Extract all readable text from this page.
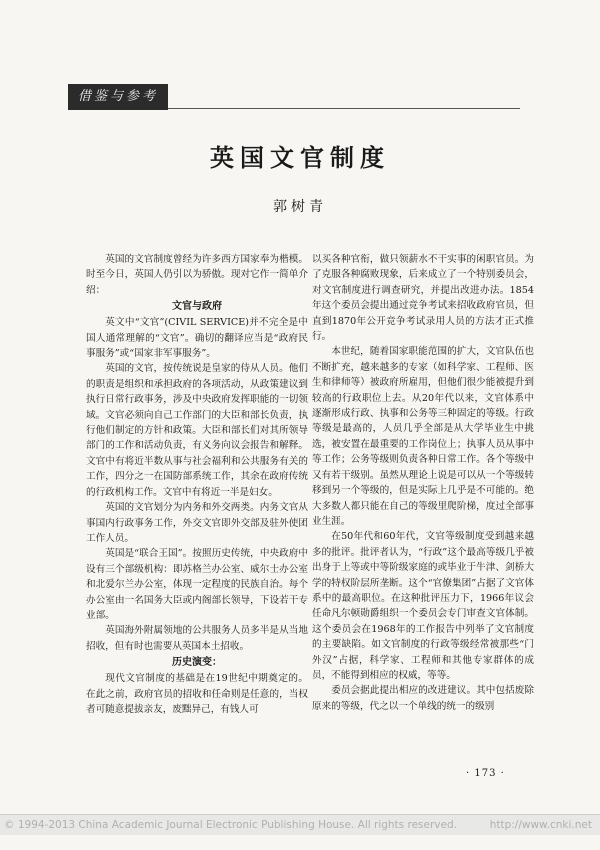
借鉴与参考
英国文官制度
郭树青

英国的文官制度曾经为许多西方国家奉为楷模。时至今日，英国人仍引以为骄傲。现对它作一简单介绍：

文官与政府

英文中“文官”(CIVIL SERVICE)并不完全是中国人通常理解的“文官”。确切的翻译应当是“政府民事服务”或“国家非军事服务”。

英国的文官，按传统说是皇家的侍从人员。他们的职责是组织和承担政府的各项活动，从政策建议到执行日常行政事务，涉及中央政府发挥职能的一切领域。文官必须向自己工作部门的大臣和部长负责，执行他们制定的方针和政策。大臣和部长们对其所领导部门的工作和活动负责，有义务向议会报告和解释。文官中有将近半数从事与社会福利和公共服务有关的工作，四分之一在国防部系统工作，其余在政府传统的行政机构工作。文官中有将近一半是妇女。

英国的文官划分为内务和外交两类。内务文官从事国内行政事务工作，外交文官即外交部及驻外使团工作人员。

英国是“联合王国”。按照历史传统，中央政府中设有三个部级机构：即苏格兰办公室、威尔士办公室和北爱尔兰办公室，体现一定程度的民族自治。每个办公室由一名国务大臣或内阁部长领导，下设若干专业部。

英国海外附属领地的公共服务人员多半是从当地招收，但有时也需要从英国本土招收。

历史演变：

现代文官制度的基础是在19世纪中期奠定的。在此之前，政府官员的招收和任命则是任意的，当权者可随意提拔亲友，废黜异己，有钱人可

以买各种官衔，做只领薪水不干实事的闲职官员。为了克服各种腐败现象，后来成立了一个特别委员会，对文官制度进行调查研究，并提出改进办法。1854年这个委员会提出通过竞争考试来招收政府官员，但直到1870年公开竞争考试录用人员的方法才正式推行。

本世纪，随着国家职能范围的扩大，文官队伍也不断扩充，越来越多的专家（如科学家、工程师、医生和律师等）被政府所雇用，但他们很少能被提升到较高的行政职位上去。从20年代以来，文官体系中逐渐形成行政、执事和公务等三种固定的等级。行政等级是最高的，人员几乎全部是从大学毕业生中挑选，被安置在最重要的工作岗位上；执事人员从事中等工作；公务等级则负责各种日常工作。各个等级中又有若干级别。虽然从理论上说是可以从一个等级转移到另一个等级的，但是实际上几乎是不可能的。绝大多数人都只能在自己的等级里爬阶梯，度过全部事业生涯。

在50年代和60年代，文官等级制度受到越来越多的批评。批评者认为，“行政”这个最高等级几乎被出身于上等或中等阶级家庭的或毕业于牛津、剑桥大学的特权阶层所垄断。这个“官僚集团”占据了文官体系中的最高职位。在这种批评压力下，1966年议会任命凡尔顿勋爵组织一个委员会专门审查文官体制。这个委员会在1968年的工作报告中列举了文官制度的主要缺陷。如文官制度的行政等级经常被那些“门外汉”占据，科学家、工程师和其他专家群体的成员，不能得到相应的权威，等等。

委员会据此提出相应的改进建议。其中包括废除原来的等级，代之以一个单线的统一的级别

· 173 ·
© 1994-2013 China Academic Journal Electronic Publishing House. All rights reserved.	http://www.cnki.net
